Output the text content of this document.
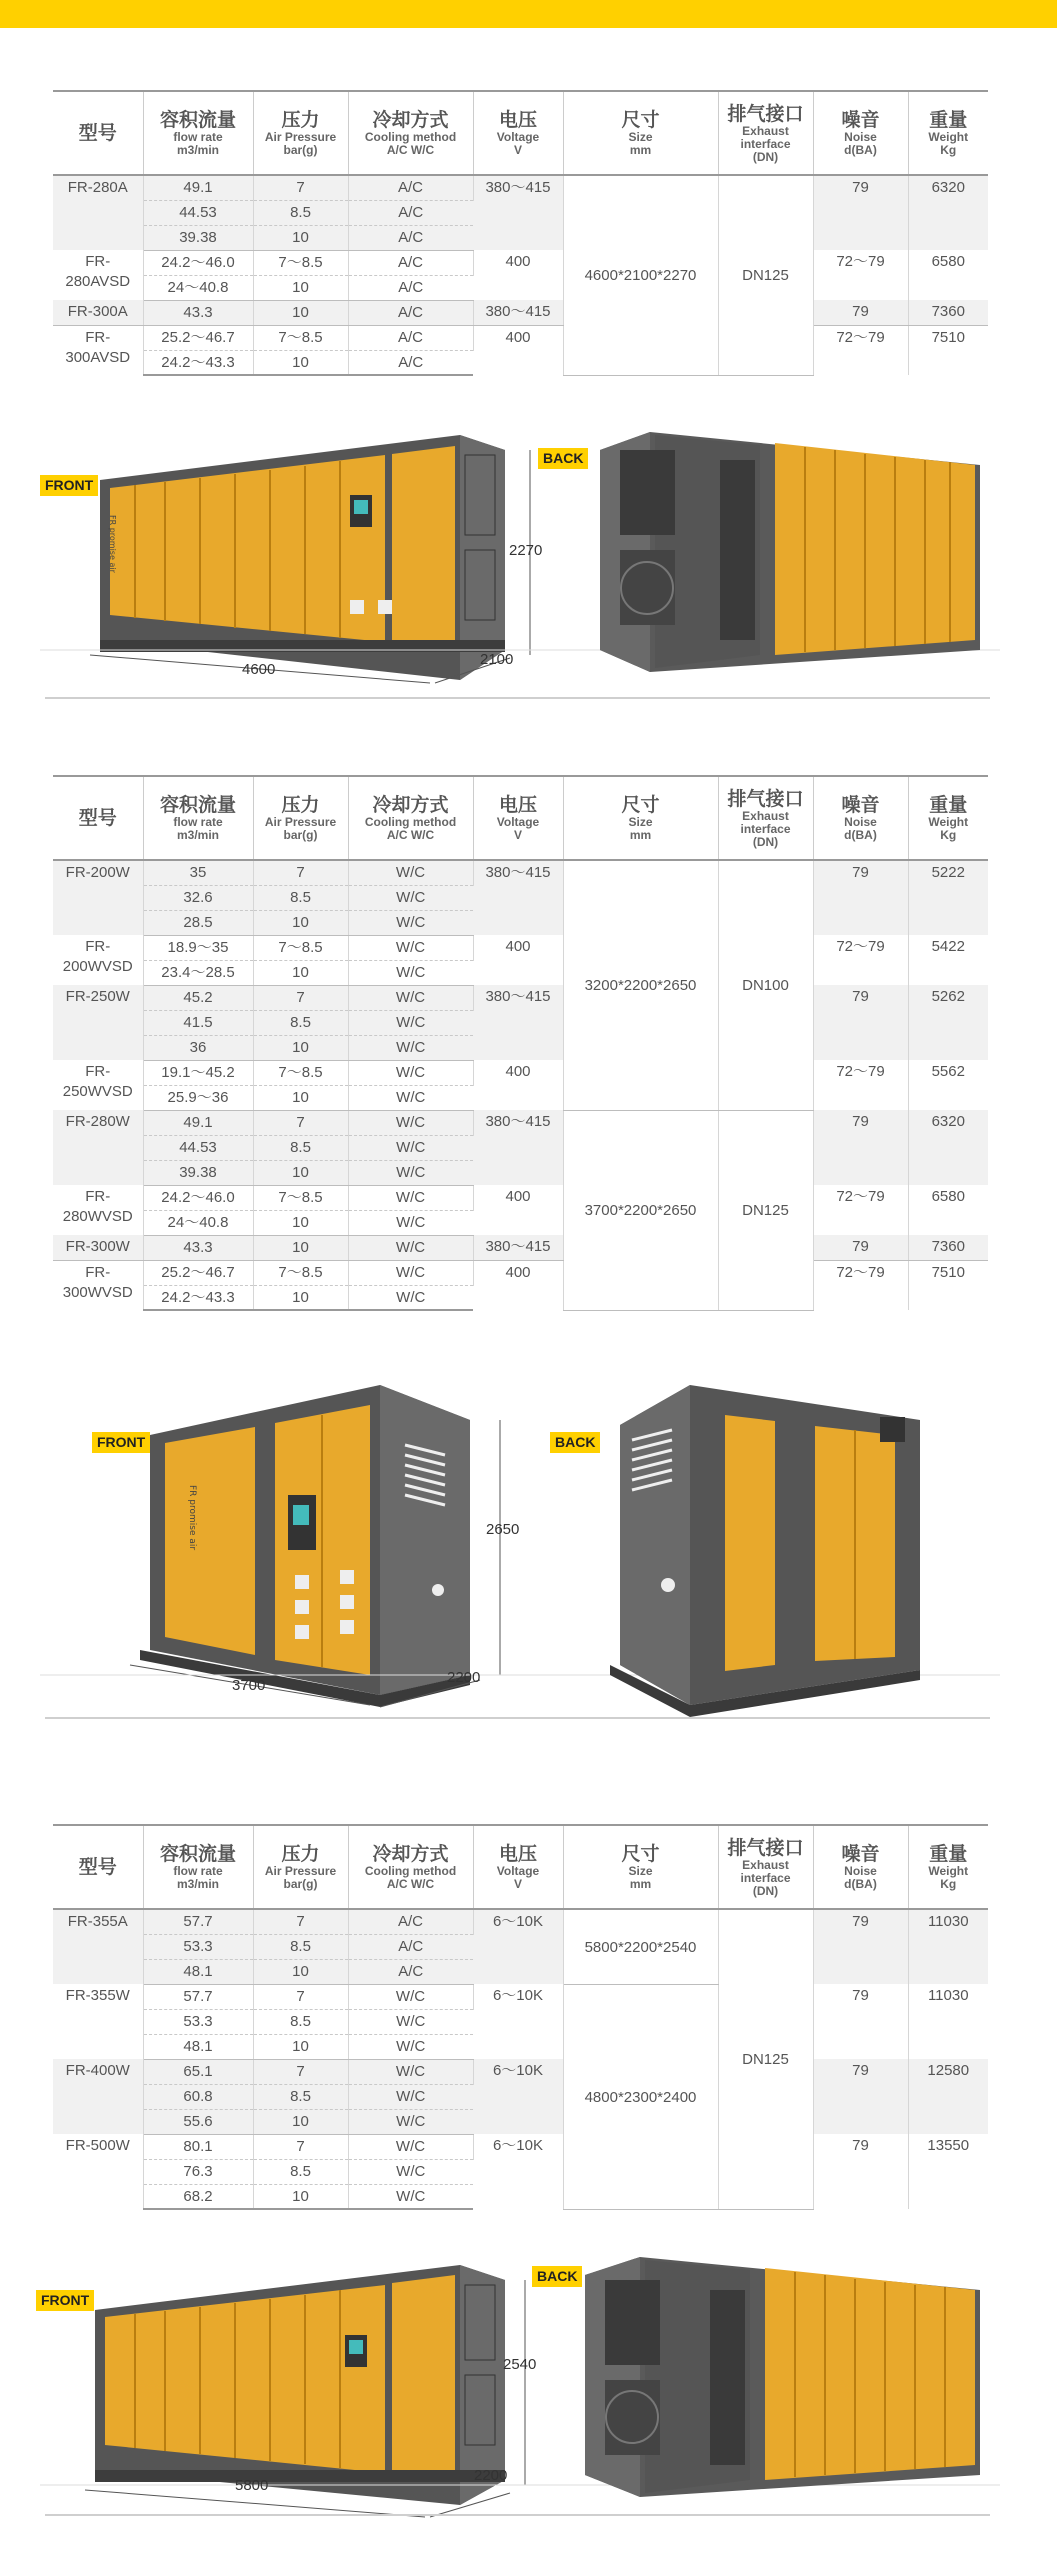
型号	容积流量
flow rate
m3/min	压力
Air Pressure
bar(g)	冷却方式
Cooling method
A/C W/C	电压
Voltage
V	尺寸
Size
mm	排气接口
Exhaust
interface
(DN)	噪音
Noise
d(BA)	重量
Weight
Kg

FR-280A	49.1	7	A/C	380～415	4600*2100*2270	DN125	79	6320
	44.53	8.5	A/C					
	39.38	10	A/C					
FR-280AVSD	24.2～46.0	7～8.5	A/C	400			72～79	6580
	24～40.8	10	A/C					
FR-300A	43.3	10	A/C	380～415			79	7360
FR-300AVSD	25.2～46.7	7～8.5	A/C	400			72～79	7510
	24.2～43.3	10	A/C					
FR promise air
FRONT
BACK
2270
4600
2100
型号	容积流量
flow rate
m3/min	压力
Air Pressure
bar(g)	冷却方式
Cooling method
A/C W/C	电压
Voltage
V	尺寸
Size
mm	排气接口
Exhaust
interface
(DN)	噪音
Noise
d(BA)	重量
Weight
Kg

FR-200W	35	7	W/C	380～415	3200*2200*2650	DN100	79	5222
	32.6	8.5	W/C					
	28.5	10	W/C					
FR-200WVSD	18.9～35	7～8.5	W/C	400			72～79	5422
	23.4～28.5	10	W/C					
FR-250W	45.2	7	W/C	380～415			79	5262
	41.5	8.5	W/C					
	36	10	W/C					
FR-250WVSD	19.1～45.2	7～8.5	W/C	400			72～79	5562
	25.9～36	10	W/C					
FR-280W	49.1	7	W/C	380～415	3700*2200*2650	DN125	79	6320
	44.53	8.5	W/C					
	39.38	10	W/C					
FR-280WVSD	24.2～46.0	7～8.5	W/C	400			72～79	6580
	24～40.8	10	W/C					
FR-300W	43.3	10	W/C	380～415			79	7360
FR-300WVSD	25.2～46.7	7～8.5	W/C	400			72～79	7510
	24.2～43.3	10	W/C					
FR promise air
FRONT	BACK
2650
3700	2200
型号	容积流量
flow rate
m3/min	压力
Air Pressure
bar(g)	冷却方式
Cooling method
A/C W/C	电压
Voltage
V	尺寸
Size
mm	排气接口
Exhaust
interface
(DN)	噪音
Noise
d(BA)	重量
Weight
Kg

FR-355A	57.7	7	A/C	6～10K	5800*2200*2540	DN125	79	11030
	53.3	8.5	A/C					
	48.1	10	A/C					
FR-355W	57.7	7	W/C	6～10K	4800*2300*2400		79	11030
	53.3	8.5	W/C					
	48.1	10	W/C					
FR-400W	65.1	7	W/C	6～10K			79	12580
	60.8	8.5	W/C					
	55.6	10	W/C					
FR-500W	80.1	7	W/C	6～10K			79	13550
	76.3	8.5	W/C					
	68.2	10	W/C					
FRONT
BACK
2540
5800
2200
